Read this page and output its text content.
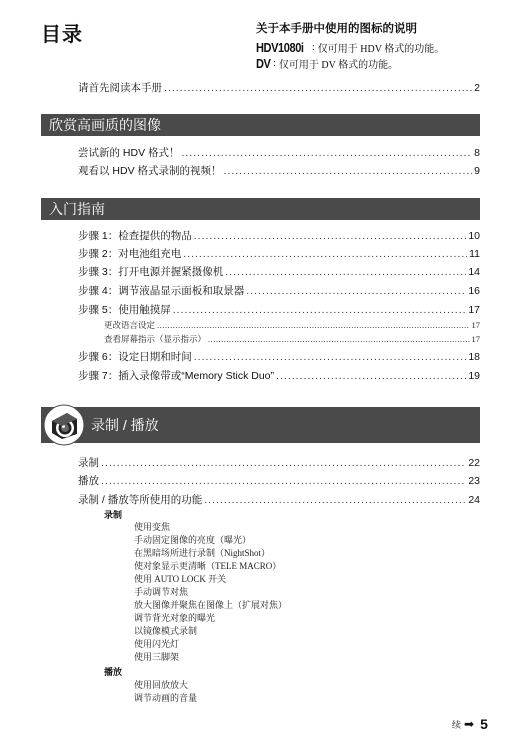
目录	关于本手册中使用的图标的说明
HDV1080i : 仅可用于 HDV 格式的功能。
DV : 仅可用于 DV 格式的功能。
请首先阅读本手册 .....	2
欣赏高画质的图像
尝试新的 HDV 格式！ .....	8
观看以 HDV 格式录制的视频！ .....	9
入门指南
步骤 1：检查提供的物品 .....	10
步骤 2：对电池组充电 .....	11
步骤 3：打开电源并握紧摄像机 .....	14
步骤 4：调节液晶显示面板和取景器 .....	16
步骤 5：使用触摸屏 .....	17
更改语言设定 .....	17
查看屏幕指示（显示指示） .....	17
步骤 6：设定日期和时间 .....	18
步骤 7：插入录像带或“Memory Stick Duo” .....	19
录制 / 播放
录制 .....	22
播放 .....	23
录制 / 播放等所使用的功能 .....	24
录制
使用变焦
手动固定图像的亮度（曝光）
在黑暗场所进行录制（NightShot）
使对象显示更清晰（TELE MACRO）
使用 AUTO LOCK 开关
手动调节对焦
放大图像并聚焦在图像上（扩展对焦）
调节背光对象的曝光
以镜像模式录制
使用闪光灯
使用三脚架
播放
使用回放放大
调节动画的音量
续 ➡ 5
